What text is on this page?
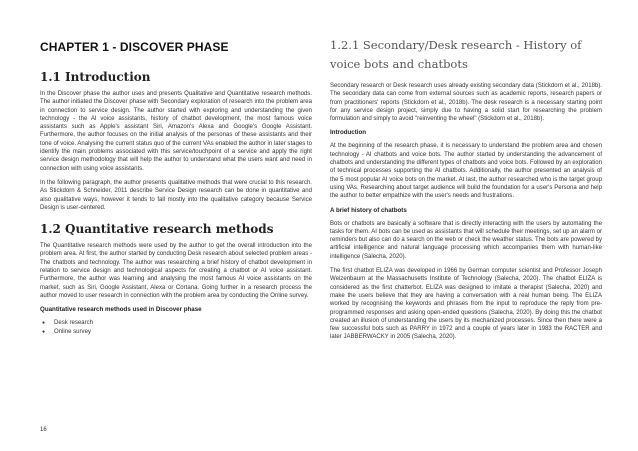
CHAPTER 1 - DISCOVER PHASE
1.1 Introduction

In the Discover phase the author uses and presents Qualitative and Quantitative research methods. The author initiated the Discover phase with Secondary exploration of research into the problem area in connection to service design. The author started with exploring and understanding the given technology - the AI voice assistants, history of chatbot development, the most famous voice assistants such as Apple's assistant Siri, Amazon's Alexa and Google's Google Assistant. Furthermore, the author focuses on the initial analysis of the personas of these assistants and their tone of voice. Analysing the current status quo of the current VAs enabled the author in later stages to identify the main problems associated with this service/touchpoint of a service and apply the right service design methodology that will help the author to understand what the users want and need in connection with using voice assistants.

In the following paragraph, the author presents qualitative methods that were crucial to this research. As Stickdorn & Schneider, 2011 describe Service Design research can be done in quantitative and also qualitative ways, however it tends to fall mostly into the qualitative category because Service Design is user-centered.

1.2 Quantitative research methods

The Quantitative research methods were used by the author to get the overall introduction into the problem area. At first, the author started by conducting Desk research about selected problem areas - The chatbots and technology. The author was researching a brief history of chatbot development in relation to service design and technological aspects for creating a chatbot or AI voice assistant. Furthermore, the author was learning and analysing the most famous AI voice assistants on the market, such as Siri, Google Assistant, Alexa or Cortana. Going further in a research process the author moved to user research in connection with the problem area by conducting the Online survey.

Quantitative research methods used in Discover phase
● Desk research
● Online survey
1.2.1 Secondary/Desk research - History of voice bots and chatbots

Secondary research or Desk research uses already existing secondary data (Stickdorn et al., 2018b). The secondary data can come from external sources such as academic reports, research papers or from practitioners' reports (Stickdorn et al., 2018b). The desk research is a necessary starting point for any service design project, simply due to having a solid start for researching the problem formulation and simply to avoid "reinventing the wheel" (Stickdorn et al., 2018b).

Introduction

At the beginning of the research phase, it is necessary to understand the problem area and chosen technology - AI chatbots and voice bots. The author started by understanding the advancement of chatbots and understanding the different types of chatbots and voice bots. Followed by an exploration of technical processes supporting the AI chatbots. Additionally, the author presented an analysis of the 5 most popular AI voice bots on the market. At last, the author researched who is the target group using VAs. Researching about target audience will build the foundation for a user's Persona and help the author to better empathize with the user's needs and frustrations.

A brief history of chatbots

Bots or chatbots are basically a software that is directly interacting with the users by automating the tasks for them. AI bots can be used as assistants that will schedule their meetings, set up an alarm or reminders but also can do a search on the web or check the weather status. The bots are powered by artificial intelligence and natural language processing which accompanies them with human-like intelligence (Salecha, 2020).

The first chatbot ELIZA was developed in 1966 by German computer scientist and Professor Joseph Weizenbaum at the Massachusetts Institute of Technology (Salecha, 2020). The chatbot ELIZA is considered as the first chatterbot. ELIZA was designed to imitate a therapist (Salecha, 2020) and make the users believe that they are having a conversation with a real human being. The ELIZA worked by recognising the keywords and phrases from the input to reproduce the reply from pre-programmed responses and asking open-ended questions (Salecha, 2020). By doing this the chatbot created an illusion of understanding the users by its mechanized processes. Since then there were a few successful bots such as PARRY in 1972 and a couple of years later in 1983 the RACTER and later JABBERWACKY in 2005 (Salecha, 2020).

16
